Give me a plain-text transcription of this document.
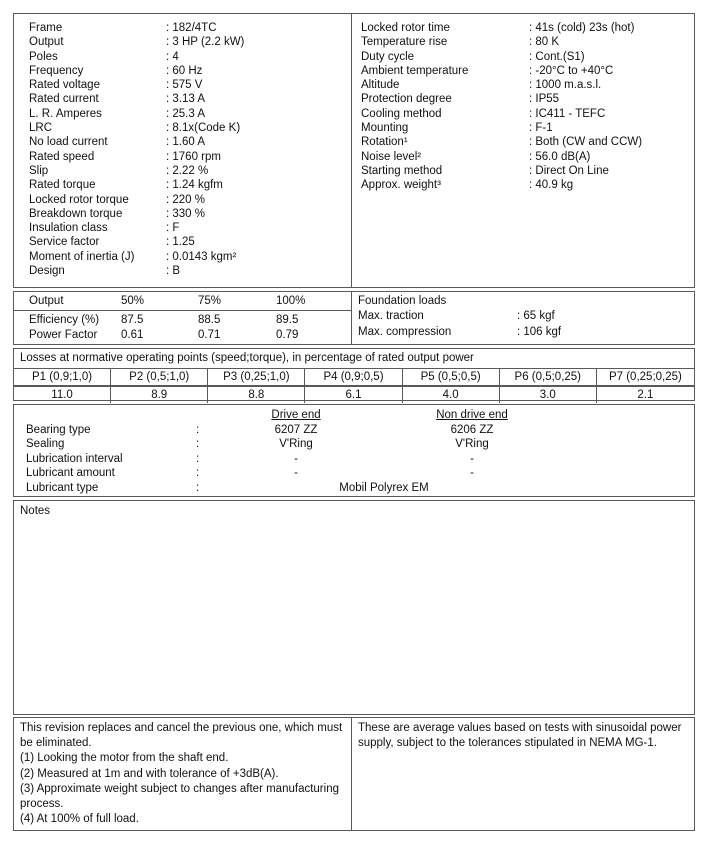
Frame	: 182/4TC
Output	: 3 HP (2.2 kW)
Poles	: 4
Frequency	: 60 Hz
Rated voltage	: 575 V
Rated current	: 3.13 A
L. R. Amperes	: 25.3 A
LRC	: 8.1x(Code K)
No load current	: 1.60 A
Rated speed	: 1760 rpm
Slip	: 2.22 %
Rated torque	: 1.24 kgfm
Locked rotor torque	: 220 %
Breakdown torque	: 330 %
Insulation class	: F
Service factor	: 1.25
Moment of inertia (J)	: 0.0143 kgm²
Design	: B
Locked rotor time	: 41s (cold) 23s (hot)
Temperature rise	: 80 K
Duty cycle	: Cont.(S1)
Ambient temperature	: -20°C to +40°C
Altitude	: 1000 m.a.s.l.
Protection degree	: IP55
Cooling method	: IC411 - TEFC
Mounting	: F-1
Rotation¹	: Both (CW and CCW)
Noise level²	: 56.0 dB(A)
Starting method	: Direct On Line
Approx. weight³	: 40.9 kg
Output	50%	75%	100%
Efficiency (%)	87.5	88.5	89.5
Power Factor	0.61	0.71	0.79
Foundation loads
Max. traction	: 65 kgf
Max. compression	: 106 kgf
Losses at normative operating points (speed;torque), in percentage of rated output power
P1 (0,9;1,0)	P2 (0,5;1,0)	P3 (0,25;1,0)	P4 (0,9;0,5)	P5 (0,5;0,5)	P6 (0,5;0,25)	P7 (0,25;0,25)
11.0	8.9	8.8	6.1	4.0	3.0	2.1
Drive end	Non drive end
Bearing type	:	6207 ZZ	6206 ZZ
Sealing	:	V'Ring	V'Ring
Lubrication interval	:	-	-
Lubricant amount	:	-	-
Lubricant type	:	Mobil Polyrex EM
Notes

This revision replaces and cancel the previous one, which must be eliminated.

(1) Looking the motor from the shaft end.

(2) Measured at 1m and with tolerance of +3dB(A).

(3) Approximate weight subject to changes after manufacturing process.

(4) At 100% of full load.

These are average values based on tests with sinusoidal power supply, subject to the tolerances stipulated in NEMA MG-1.
